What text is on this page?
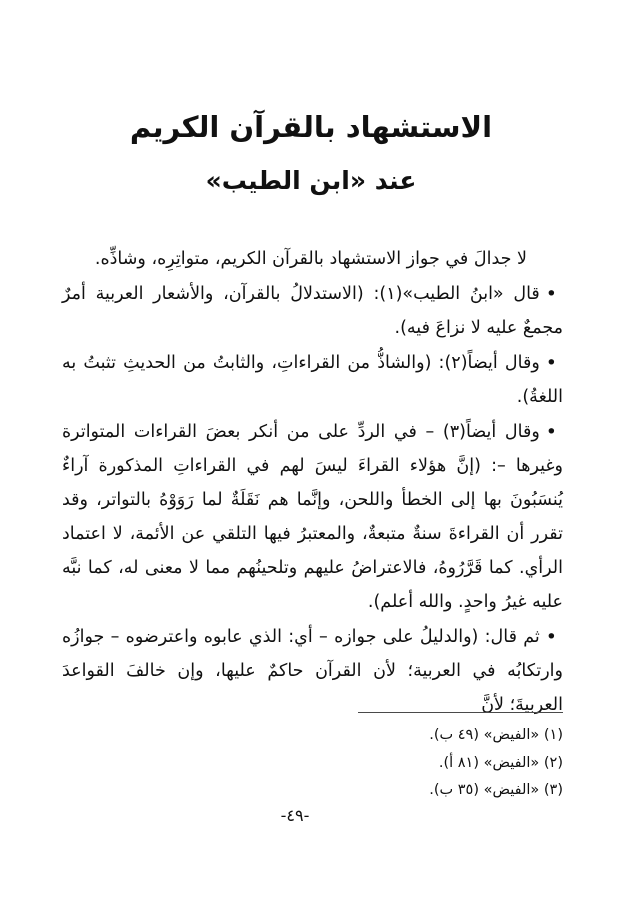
الاستشهاد بالقرآن الكريم
عند «ابن الطيب»

لا جدالَ في جواز الاستشهاد بالقرآن الكريم، متواتِرِه، وشاذِّه.

•قال «ابنُ الطيب»(١): (الاستدلالُ بالقرآن، والأشعار العربية أمرٌ مجمعٌ عليه لا نزاعَ فيه).

•وقال أيضاً(٢): (والشاذُّ من القراءاتِ، والثابتُ من الحديثِ تثبتُ به اللغةُ).

•وقال أيضاً(٣) – في الردِّ على من أنكر بعضَ القراءات المتواترة وغيرها –: (إنَّ هؤلاء القراءَ ليسَ لهم في القراءاتِ المذكورة آراءٌ يُنسَبُونَ بها إلى الخطأ واللحن، وإنَّما هم نَقَلَةٌ لما رَوَوْهُ بالتواتر، وقد تقرر أن القراءةَ سنةٌ متبعةٌ، والمعتبرُ فيها التلقي عن الأئمة، لا اعتماد الرأي. كما قَرَّرُوهُ، فالاعتراضُ عليهم وتلحينُهم مما لا معنى له، كما نبَّه عليه غيرُ واحدٍ. والله أعلم).

•ثم قال: (والدليلُ على جوازه – أي: الذي عابوه واعترضوه – جوازُه وارتكابُه في العربية؛ لأن القرآن حاكمٌ عليها، وإن خالفَ القواعدَ العربيةَ؛ لأنَّ

(١) «الفيض» (٤٩ ب).

(٢) «الفيض» (٨١ أ).

(٣) «الفيض» (٣٥ ب).

-٤٩-
